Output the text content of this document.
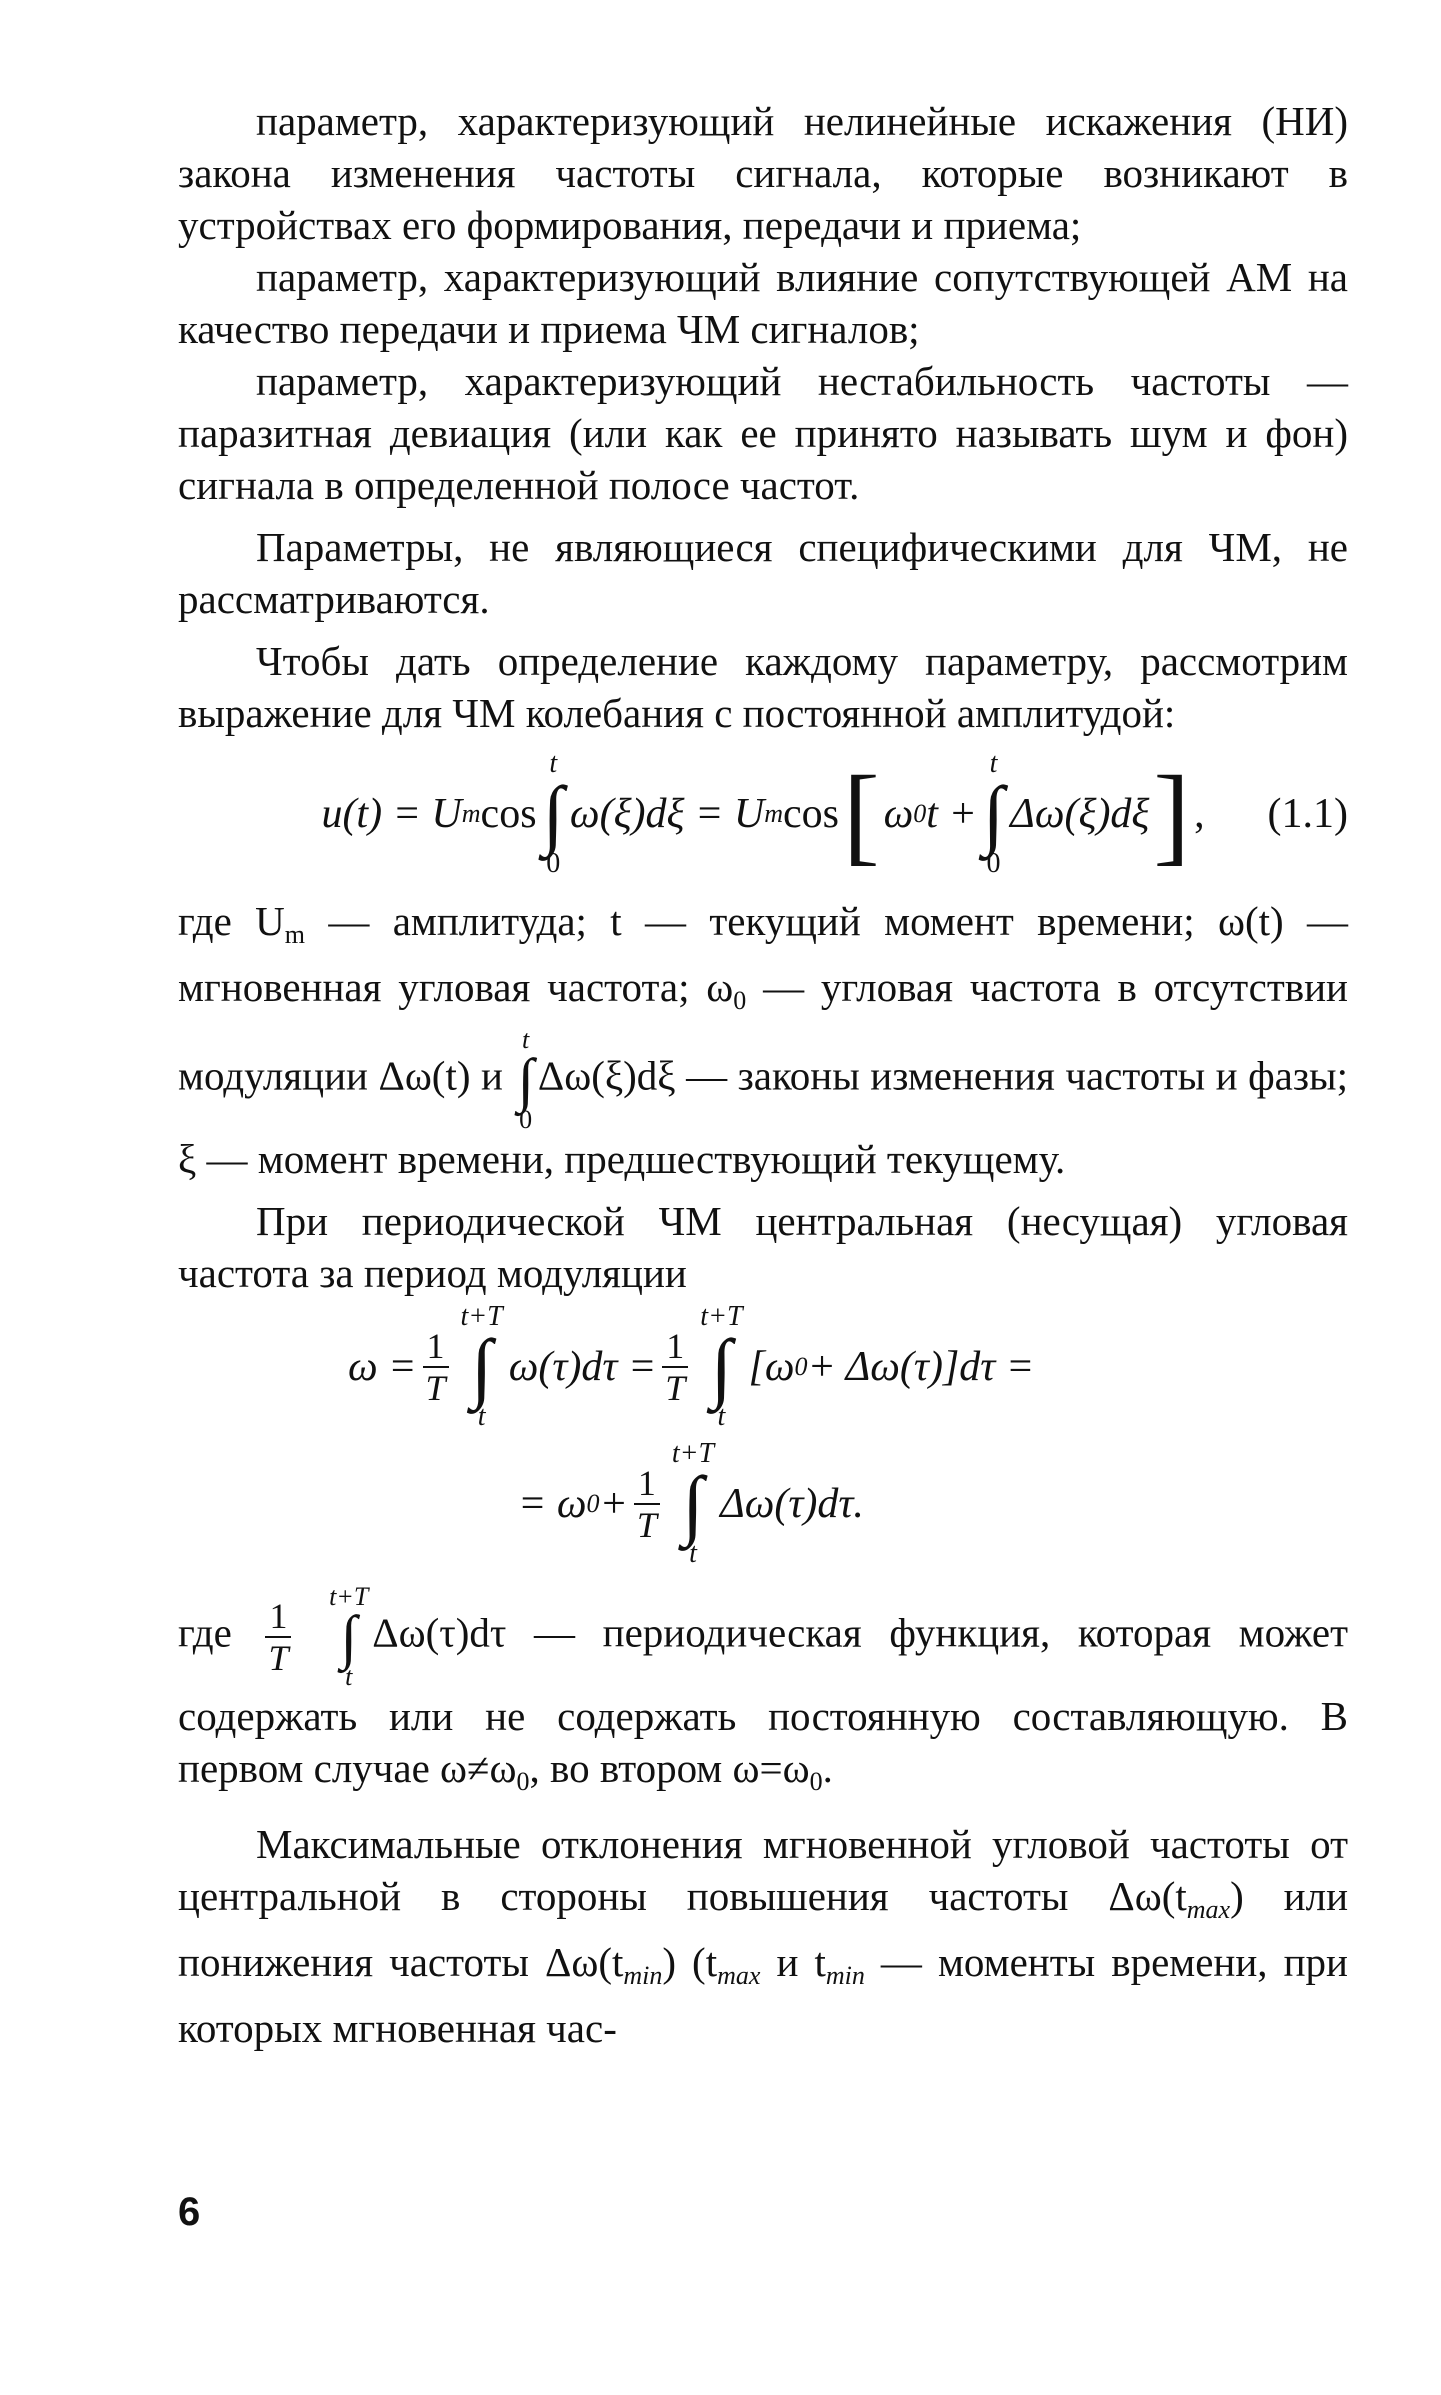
параметр, характеризующий нелинейные искажения (НИ) закона изменения частоты сигнала, которые возникают в устройствах его формирования, передачи и приема;

параметр, характеризующий влияние сопутствующей АМ на качество передачи и приема ЧМ сигналов;

параметр, характеризующий нестабильность частоты — паразитная девиация (или как ее принято называть шум и фон) сигнала в определенной полосе частот.

Параметры, не являющиеся специфическими для ЧМ, не рассматриваются.

Чтобы дать определение каждому параметру, рассмотрим выражение для ЧМ колебания с постоянной амплитудой:

u(t) = U m cos
t
∫
0
ω(ξ)dξ = U m cos [ ω 0 t +
t
∫
0
Δω(ξ)dξ ] , (1.1)

где $U_m$ — амплитуда; t — текущий момент времени; ω(t) — мгновенная угловая частота; $\omega_0$ — угловая частота в отсутствии модуляции Δω(t) и
t
∫
0
Δω(ξ)dξ — законы изменения частоты и фазы; ξ — момент времени, предшествующий текущему.

При периодической ЧМ центральная (несущая) угловая частота за период модуляции

$\omega = \frac{1}{T}$
t+T
∫
t
$\omega(\tau)d\tau = \frac{1}{T}$
t+T
∫
t
[ω 0 + Δω(τ)]dτ =
= ω $0 + \frac{1}{T}$
t+T
∫
t
Δω(τ)dτ.

где $\frac{1}{T}$

t+T
∫
t
Δω(τ)dτ — периодическая функция, которая может содержать или не содержать постоянную составляющую. В первом случае $\omega\ne\omega_0$, во втором $\omega=\omega_0$.

Максимальные отклонения мгновенной угловой частоты от центральной в стороны повышения частоты $\Delta\omega(t_{max})$ или понижения частоты $\Delta\omega(t_{min})$ ($t_{max}$ и $t_{min}$ — моменты времени, при которых мгновенная час-

6
